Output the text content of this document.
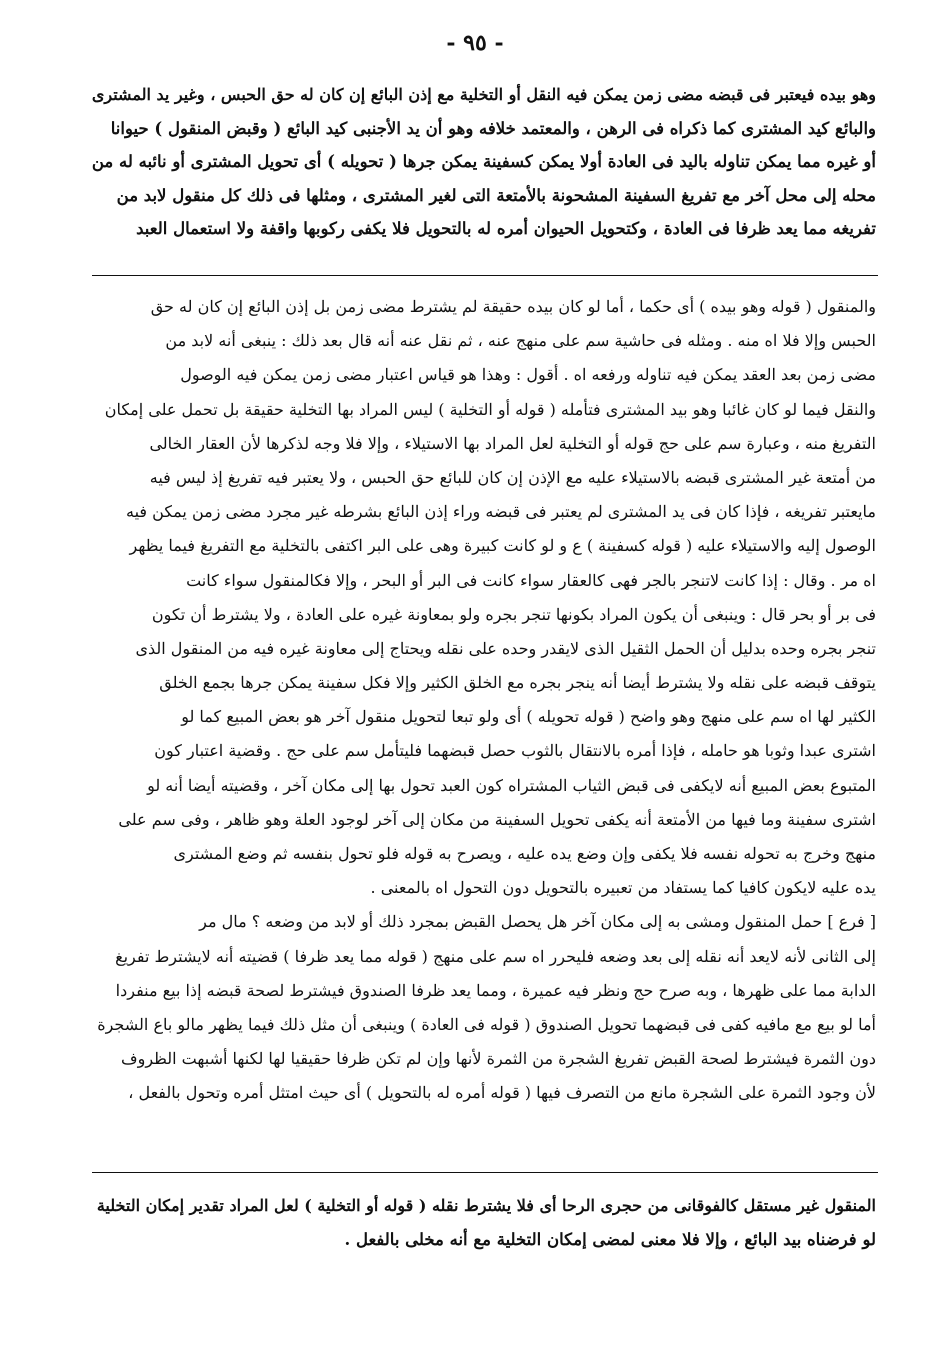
- ٩٥ -
وهو بيده فيعتبر فى قبضه مضى زمن يمكن فيه النقل أو التخلية مع إذن البائع إن كان له حق الحبس ، وغير يد المشترى
والبائع كيد المشترى كما ذكراه فى الرهن ، والمعتمد خلافه وهو أن يد الأجنبى كيد البائع ( وقبض المنقول ) حيوانا
أو غيره مما يمكن تناوله باليد فى العادة أولا يمكن كسفينة يمكن جرها ( تحويله ) أى تحويل المشترى أو نائبه له من
محله إلى محل آخر مع تفريغ السفينة المشحونة بالأمتعة التى لغير المشترى ، ومثلها فى ذلك كل منقول لابد من
تفريغه مما يعد ظرفا فى العادة ، وكتحويل الحيوان أمره له بالتحويل فلا يكفى ركوبها واقفة ولا استعمال العبد
والمنقول ( قوله وهو بيده ) أى حكما ، أما لو كان بيده حقيقة لم يشترط مضى زمن بل إذن البائع إن كان له حق
الحبس وإلا فلا اه منه . ومثله فى حاشية سم على منهج عنه ، ثم نقل عنه أنه قال بعد ذلك : ينبغى أنه لابد من
مضى زمن بعد العقد يمكن فيه تناوله ورفعه اه . أقول : وهذا هو قياس اعتبار مضى زمن يمكن فيه الوصول
والنقل فيما لو كان غائبا وهو بيد المشترى فتأمله ( قوله أو التخلية ) ليس المراد بها التخلية حقيقة بل تحمل على إمكان
التفريغ منه ، وعبارة سم على حج قوله أو التخلية لعل المراد بها الاستيلاء ، وإلا فلا وجه لذكرها لأن العقار الخالى
من أمتعة غير المشترى قبضه بالاستيلاء عليه مع الإذن إن كان للبائع حق الحبس ، ولا يعتبر فيه تفريغ إذ ليس فيه
مايعتبر تفريغه ، فإذا كان فى يد المشترى لم يعتبر فى قبضه وراء إذن البائع بشرطه غير مجرد مضى زمن يمكن فيه
الوصول إليه والاستيلاء عليه ( قوله كسفينة ) ع و لو كانت كبيرة وهى على البر اكتفى بالتخلية مع التفريغ فيما يظهر
اه مر . وقال : إذا كانت لاتنجر بالجر فهى كالعقار سواء كانت فى البر أو البحر ، وإلا فكالمنقول سواء كانت
فى بر أو بحر قال : وينبغى أن يكون المراد بكونها تنجر بجره ولو بمعاونة غيره على العادة ، ولا يشترط أن تكون
تنجر بجره وحده بدليل أن الحمل الثقيل الذى لايقدر وحده على نقله ويحتاج إلى معاونة غيره فيه من المنقول الذى
يتوقف قبضه على نقله ولا يشترط أيضا أنه ينجر بجره مع الخلق الكثير وإلا فكل سفينة يمكن جرها بجمع الخلق
الكثير لها اه سم على منهج وهو واضح ( قوله تحويله ) أى ولو تبعا لتحويل منقول آخر هو بعض المبيع كما لو
اشترى عبدا وثوبا هو حامله ، فإذا أمره بالانتقال بالثوب حصل قبضهما فليتأمل سم على حج . وقضية اعتبار كون
المتبوع بعض المبيع أنه لايكفى فى قبض الثياب المشتراه كون العبد تحول بها إلى مكان آخر ، وقضيته أيضا أنه لو
اشترى سفينة وما فيها من الأمتعة أنه يكفى تحويل السفينة من مكان إلى آخر لوجود العلة وهو ظاهر ، وفى سم على
منهج وخرج به تحوله نفسه فلا يكفى وإن وضع يده عليه ، ويصرح به قوله فلو تحول بنفسه ثم وضع المشترى
يده عليه لايكون كافيا كما يستفاد من تعبيره بالتحويل دون التحول اه بالمعنى .
[ فرع ] حمل المنقول ومشى به إلى مكان آخر هل يحصل القبض بمجرد ذلك أو لابد من وضعه ؟ مال مر
إلى الثانى لأنه لايعد أنه نقله إلى بعد وضعه فليحرر اه سم على منهج ( قوله مما يعد ظرفا ) قضيته أنه لايشترط تفريغ
الدابة مما على ظهرها ، وبه صرح حج ونظر فيه عميرة ، ومما يعد ظرفا الصندوق فيشترط لصحة قبضه إذا بيع منفردا
أما لو بيع مع مافيه كفى فى قبضهما تحويل الصندوق ( قوله فى العادة ) وينبغى أن مثل ذلك فيما يظهر مالو باع الشجرة
دون الثمرة فيشترط لصحة القبض تفريغ الشجرة من الثمرة لأنها وإن لم تكن ظرفا حقيقيا لها لكنها أشبهت الظروف
لأن وجود الثمرة على الشجرة مانع من التصرف فيها ( قوله أمره له بالتحويل ) أى حيث امتثل أمره وتحول بالفعل ،
المنقول غير مستقل كالفوقانى من حجرى الرحا أى فلا يشترط نقله ( قوله أو التخلية ) لعل المراد تقدير إمكان التخلية
لو فرضناه بيد البائع ، وإلا فلا معنى لمضى إمكان التخلية مع أنه مخلى بالفعل .
